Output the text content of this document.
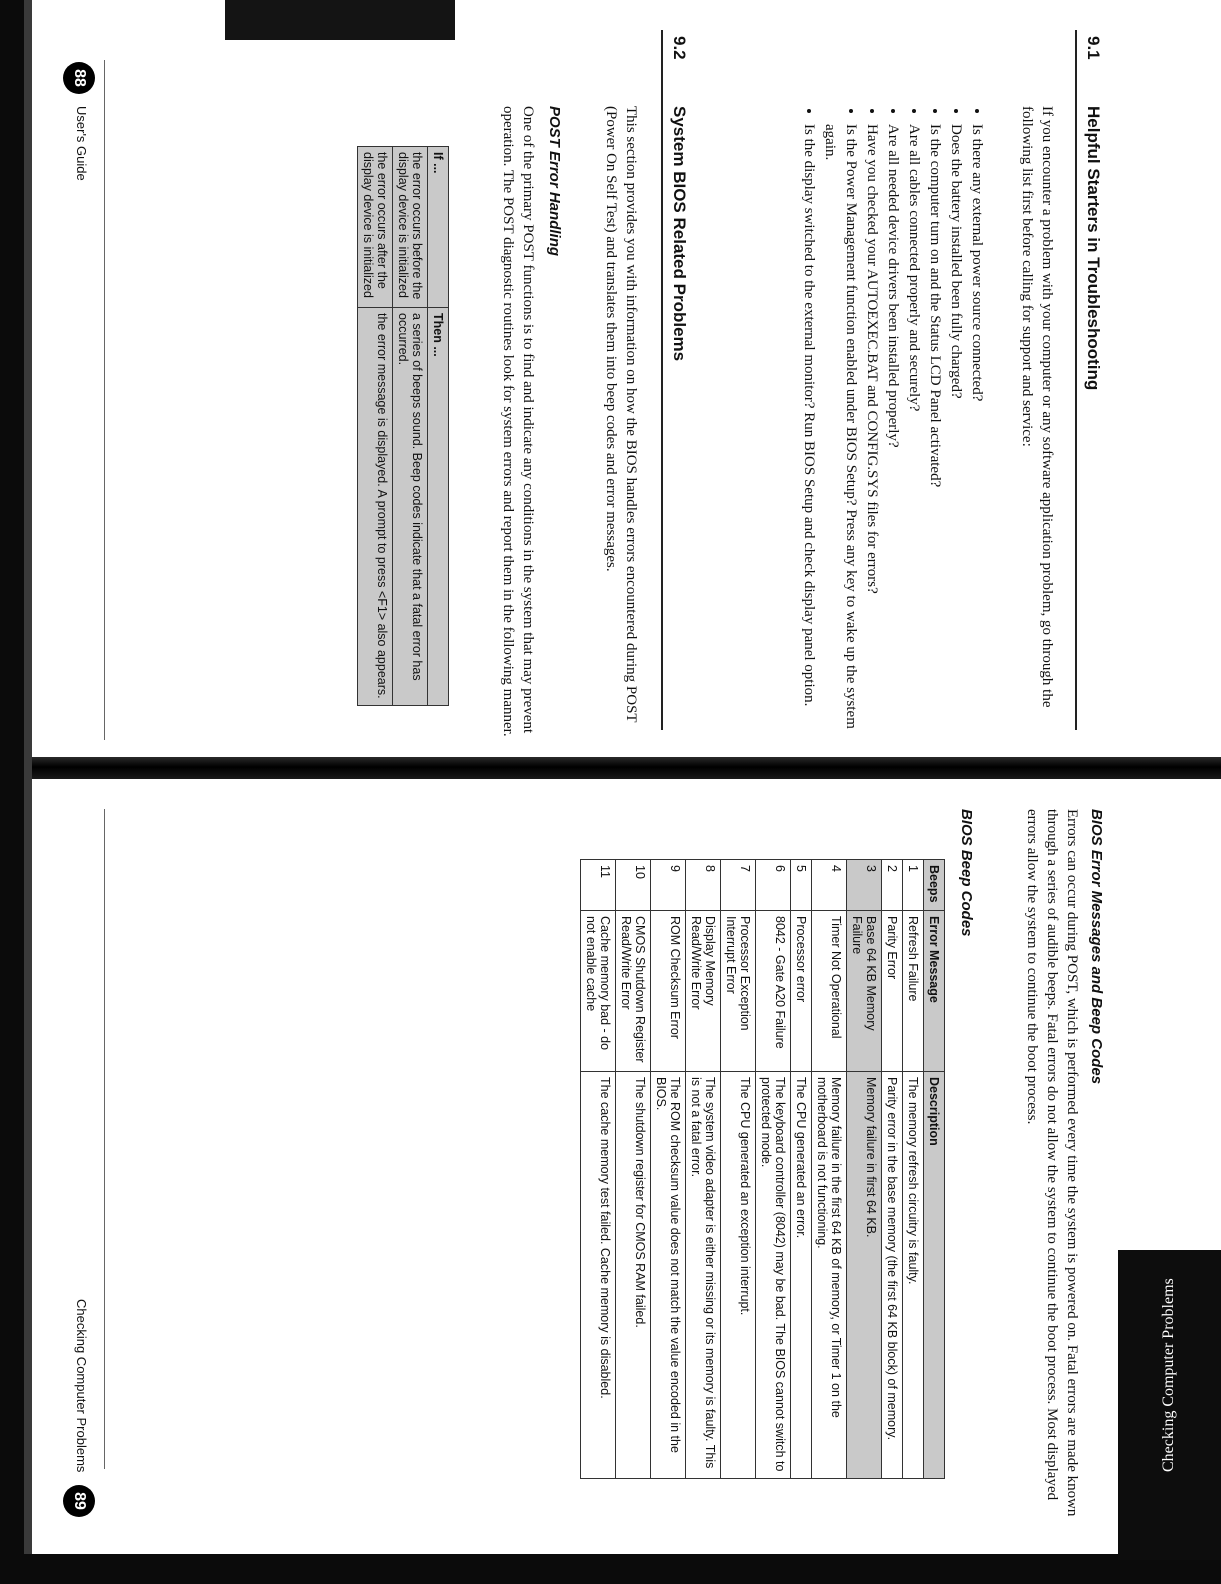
9.1Helpful Starters in Troubleshooting

If you encounter a problem with your computer or any software application problem, go through the following list first before calling for support and service:

• Is there any external power source connected?
• Does the battery installed been fully charged?
• Is the computer turn on and the Status LCD Panel activated?
• Are all cables connected properly and securely?
• Are all needed device drivers been installed properly?
• Have you checked your AUTOEXEC.BAT and CONFIG.SYS files for errors?
• Is the Power Management function enabled under BIOS Setup? Press any key to wake up the system again.
• Is the display switched to the external monitor? Run BIOS Setup and check display panel option.
9.2System BIOS Related Problems

This section provides you with information on how the BIOS handles errors encountered during POST (Power On Self Test) and translates them into beep codes and error messages.

POST Error Handling

One of the primary POST functions is to find and indicate any conditions in the system that may prevent operation. The POST diagnostic routines look for system errors and report them in the following manner.

If ...	Then ...
the error occurs before the display device is initialized	a series of beeps sound. Beep codes indicate that a fatal error has occurred.
the error occurs after the display device is initialized	the error message is displayed. A prompt to press <F1> also appears.
88
User's Guide
BIOS Error Messages and Beep Codes

Errors can occur during POST, which is performed every time the system is powered on. Fatal errors are made known through a series of audible beeps. Fatal errors do not allow the system to continue the boot process. Most displayed errors allow the system to continue the boot process.

BIOS Beep Codes
Beeps	Error Message	Description
1	Refresh Failure	The memory refresh circuitry is faulty.
2	Parity Error	Parity error in the base memory (the first 64 KB block) of memory.
3	Base 64 KB Memory Failure	Memory failure in first 64 KB.
4	Timer Not Operational	Memory failure in the first 64 KB of memory, or Timer 1 on the motherboard is not functioning.
5	Processor error	The CPU generated an error.
6	8042 - Gate A20 Failure	The keyboard controller (8042) may be bad. The BIOS cannot switch to protected mode.
7	Processor Exception Interrupt Error	The CPU generated an exception interrupt.
8	Display Memory Read/Write Error	The system video adapter is either missing or its memory is faulty. This is not a fatal error.
9	ROM Checksum Error	The ROM checksum value does not match the value encoded in the BIOS.
10	CMOS Shutdown Register Read/Write Error	The shutdown register for CMOS RAM failed.
11	Cache memory bad - do not enable cache	The cache memory test failed. Cache memory is disabled.
Checking Computer Problems
89
Checking Computer Problems
